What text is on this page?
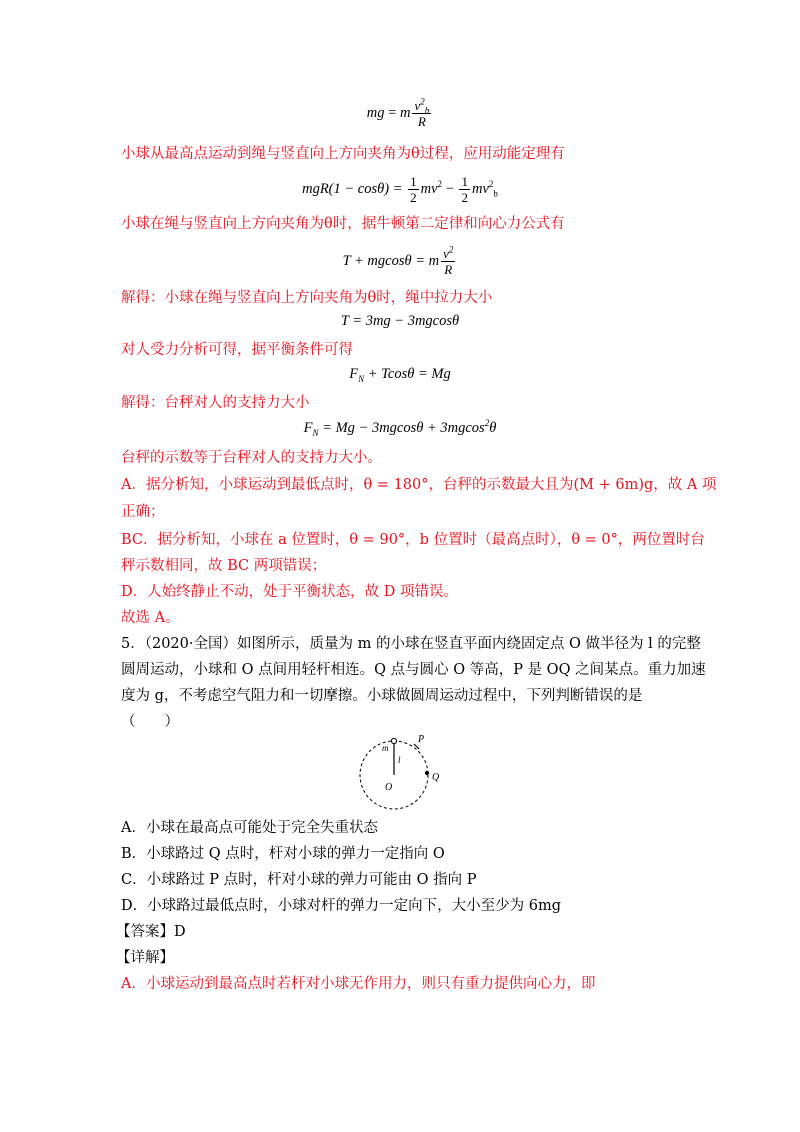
mg = m $\frac{v^2_b}{R}$
小球从最高点运动到绳与竖直向上方向夹角为θ过程，应用动能定理有
$mgR(1 - \cos\theta) = \frac{1}{2} mv^2 - \frac{1}{2} mv^2_b$
小球在绳与竖直向上方向夹角为θ时，据牛顿第二定律和向心力公式有
T + mgcosθ = m $\frac{v^2}{R}$
解得：小球在绳与竖直向上方向夹角为θ时，绳中拉力大小
T = 3mg − 3mgcosθ
对人受力分析可得，据平衡条件可得
$F_N + Tcos\theta = Mg$
解得：台秤对人的支持力大小
$F_N = Mg - 3mgcos\theta + 3mgcos^2\theta$
台秤的示数等于台秤对人的支持力大小。
A．据分析知，小球运动到最低点时，θ = 180°，台秤的示数最大且为(M + 6m)g，故 A 项
正确；
BC．据分析知，小球在 a 位置时，θ = 90°，b 位置时（最高点时），θ = 0°，两位置时台
秤示数相同，故 BC 两项错误；
D．人始终静止不动，处于平衡状态，故 D 项错误。
故选 A。
5．（2020·全国）如图所示，质量为 m 的小球在竖直平面内绕固定点 O 做半径为 l 的完整
圆周运动，小球和 O 点间用轻杆相连。Q 点与圆心 O 等高，P 是 OQ 之间某点。重力加速
度为 g，不考虑空气阻力和一切摩擦。小球做圆周运动过程中，下列判断错误的是
（　　）
m
P
l
O
Q
A．小球在最高点可能处于完全失重状态
B．小球路过 Q 点时，杆对小球的弹力一定指向 O
C．小球路过 P 点时，杆对小球的弹力可能由 O 指向 P
D．小球路过最低点时，小球对杆的弹力一定向下，大小至少为 6mg
【答案】D
【详解】
A．小球运动到最高点时若杆对小球无作用力，则只有重力提供向心力，即
